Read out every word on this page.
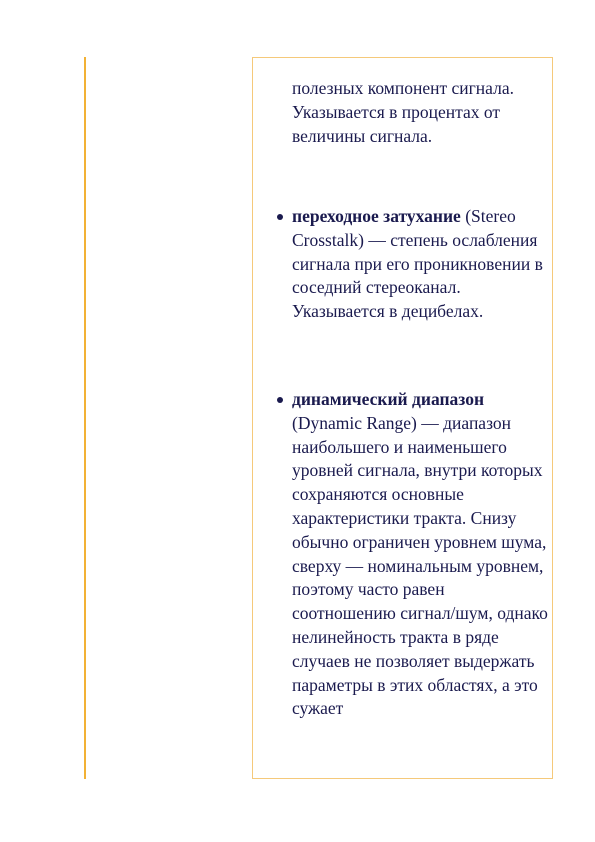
полезных компонент сигнала. Указывается в процентах от величины сигнала.

переходное затухание (Stereo Crosstalk) — степень ослабления сигнала при его проникновении в соседний стереоканал. Указывается в децибелах.

динамический диапазон (Dynamic Range) — диапазон наибольшего и наименьшего уровней сигнала, внутри которых сохраняются основные характеристики тракта. Снизу обычно ограничен уровнем шума, сверху — номинальным уровнем, поэтому часто равен соотношению сигнал/шум, однако нелинейность тракта в ряде случаев не позволяет выдержать параметры в этих областях, а это сужает
